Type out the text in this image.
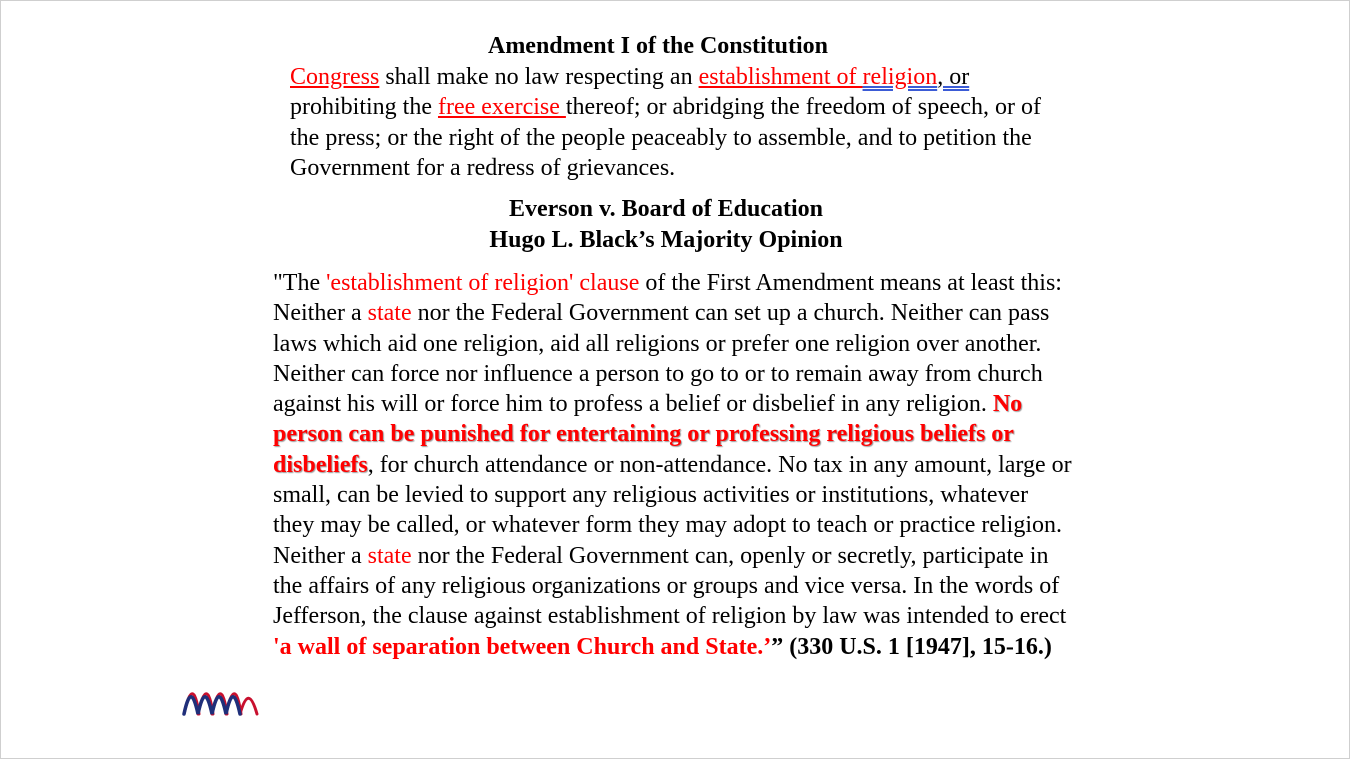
Amendment I of the Constitution
Congress shall make no law respecting an establishment of religion, or
prohibiting the free exercise thereof; or abridging the freedom of speech, or of the press; or the right of the people peaceably to assemble, and to petition the Government for a redress of grievances.
Everson v. Board of Education
Hugo L. Black’s Majority Opinion
"The 'establishment of religion' clause of the First Amendment means at least this: Neither a state nor the Federal Government can set up a church. Neither can pass laws which aid one religion, aid all religions or prefer one religion over another. Neither can force nor influence a person to go to or to remain away from church against his will or force him to profess a belief or disbelief in any religion. No person can be punished for entertaining or professing religious beliefs or disbeliefs, for church attendance or non-attendance. No tax in any amount, large or small, can be levied to support any religious activities or institutions, whatever they may be called, or whatever form they may adopt to teach or practice religion. Neither a state nor the Federal Government can, openly or secretly, participate in the affairs of any religious organizations or groups and vice versa. In the words of Jefferson, the clause against establishment of religion by law was intended to erect 'a wall of separation between Church and State.’” (330 U.S. 1 [1947], 15-16.)
